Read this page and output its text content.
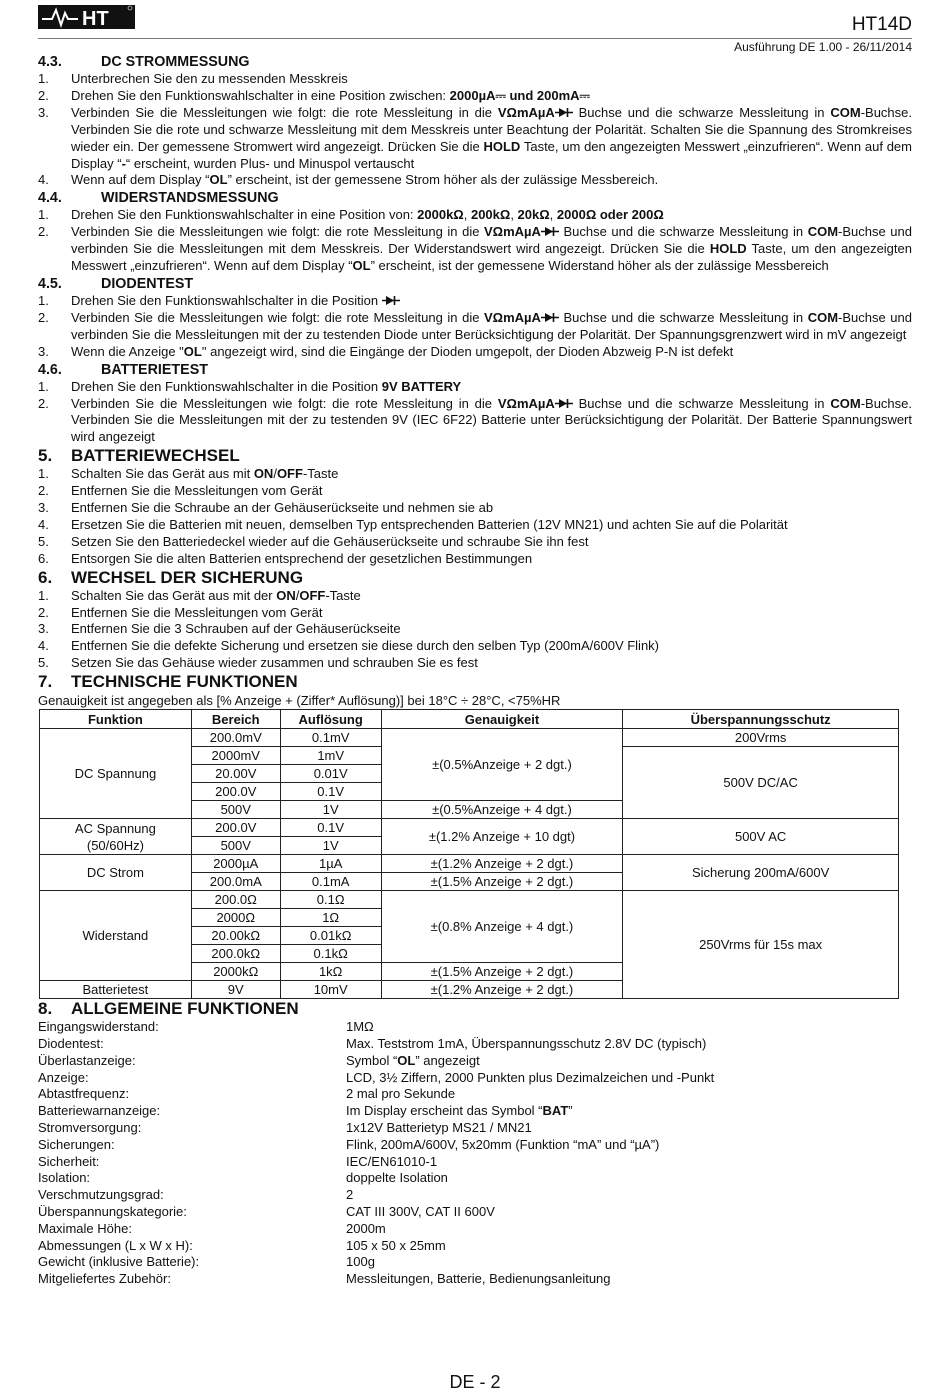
HT	HT14D
Ausführung DE 1.00 - 26/11/2014
4.3.	DC STROMMESSUNG
1.	Unterbrechen Sie den zu messenden Messkreis
2.	Drehen Sie den Funktionswahlschalter in eine Position zwischen: 2000µA⎓ und 200mA⎓
3.	Verbinden Sie die Messleitungen wie folgt: die rote Messleitung in die VΩmAµA Buchse und die schwarze Messleitung in COM-Buchse. Verbinden Sie die rote und schwarze Messleitung mit dem Messkreis unter Beachtung der Polarität. Schalten Sie die Spannung des Stromkreises wieder ein. Der gemessene Stromwert wird angezeigt. Drücken Sie die HOLD Taste, um den angezeigten Messwert „einzufrieren“. Wenn auf dem Display “-“ erscheint, wurden Plus- und Minuspol vertauscht
4.	Wenn auf dem Display “OL” erscheint, ist der gemessene Strom höher als der zulässige Messbereich.
4.4.	WIDERSTANDSMESSUNG
1.	Drehen Sie den Funktionswahlschalter in eine Position von: 2000kΩ, 200kΩ, 20kΩ, 2000Ω oder 200Ω
2.	Verbinden Sie die Messleitungen wie folgt: die rote Messleitung in die VΩmAµA Buchse und die schwarze Messleitung in COM-Buchse und verbinden Sie die Messleitungen mit dem Messkreis. Der Widerstandswert wird angezeigt. Drücken Sie die HOLD Taste, um den angezeigten Messwert „einzufrieren“. Wenn auf dem Display “OL” erscheint, ist der gemessene Widerstand höher als der zulässige Messbereich
4.5.	DIODENTEST
1.	Drehen Sie den Funktionswahlschalter in die Position
2.	Verbinden Sie die Messleitungen wie folgt: die rote Messleitung in die VΩmAµA Buchse und die schwarze Messleitung in COM-Buchse und verbinden Sie die Messleitungen mit der zu testenden Diode unter Berücksichtigung der Polarität. Der Spannungsgrenzwert wird in mV angezeigt
3.	Wenn die Anzeige "OL" angezeigt wird, sind die Eingänge der Dioden umgepolt, der Dioden Abzweig P-N ist defekt
4.6.	BATTERIETEST
1.	Drehen Sie den Funktionswahlschalter in die Position 9V BATTERY
2.	Verbinden Sie die Messleitungen wie folgt: die rote Messleitung in die VΩmAµA Buchse und die schwarze Messleitung in COM-Buchse. Verbinden Sie die Messleitungen mit der zu testenden 9V (IEC 6F22) Batterie unter Berücksichtigung der Polarität. Der Batterie Spannungswert wird angezeigt
5.	BATTERIEWECHSEL
1.	Schalten Sie das Gerät aus mit ON/OFF-Taste
2.	Entfernen Sie die Messleitungen vom Gerät
3.	Entfernen Sie die Schraube an der Gehäuserückseite und nehmen sie ab
4.	Ersetzen Sie die Batterien mit neuen, demselben Typ entsprechenden Batterien (12V MN21) und achten Sie auf die Polarität
5.	Setzen Sie den Batteriedeckel wieder auf die Gehäuserückseite und schraube Sie ihn fest
6.	Entsorgen Sie die alten Batterien entsprechend der gesetzlichen Bestimmungen
6.	WECHSEL DER SICHERUNG
1.	Schalten Sie das Gerät aus mit der ON/OFF-Taste
2.	Entfernen Sie die Messleitungen vom Gerät
3.	Entfernen Sie die 3 Schrauben auf der Gehäuserückseite
4.	Entfernen Sie die defekte Sicherung und ersetzen sie diese durch den selben Typ (200mA/600V Flink)
5.	Setzen Sie das Gehäuse wieder zusammen und schrauben Sie es fest
7.	TECHNISCHE FUNKTIONEN
Genauigkeit ist angegeben als [% Anzeige + (Ziffer* Auflösung)] bei 18°C ÷ 28°C, <75%HR
Funktion	Bereich	Auflösung	Genauigkeit	Überspannungsschutz
DC Spannung	200.0mV	0.1mV	±(0.5%Anzeige + 2 dgt.)	200Vrms
	2000mV	1mV		500V DC/AC
	20.00V	0.01V		
	200.0V	0.1V		
	500V	1V	±(0.5%Anzeige + 4 dgt.)	
AC Spannung
(50/60Hz)	200.0V	0.1V	±(1.2% Anzeige + 10 dgt)	500V AC
	500V	1V		
DC Strom	2000µA	1µA	±(1.2% Anzeige + 2 dgt.)	Sicherung 200mA/600V
	200.0mA	0.1mA	±(1.5% Anzeige + 2 dgt.)	
Widerstand	200.0Ω	0.1Ω	±(0.8% Anzeige + 4 dgt.)	250Vrms für 15s max
	2000Ω	1Ω		
	20.00kΩ	0.01kΩ		
	200.0kΩ	0.1kΩ		
	2000kΩ	1kΩ	±(1.5% Anzeige + 2 dgt.)	
Batterietest	9V	10mV	±(1.2% Anzeige + 2 dgt.)	
8.	ALLGEMEINE FUNKTIONEN
Eingangswiderstand:	1MΩ
Diodentest:	Max. Teststrom 1mA, Überspannungsschutz 2.8V DC (typisch)
Überlastanzeige:	Symbol “OL” angezeigt
Anzeige:	LCD, 3½ Ziffern, 2000 Punkten plus Dezimalzeichen und -Punkt
Abtastfrequenz:	2 mal pro Sekunde
Batteriewarnanzeige:	Im Display erscheint das Symbol “BAT”
Stromversorgung:	1x12V Batterietyp MS21 / MN21
Sicherungen:	Flink, 200mA/600V, 5x20mm (Funktion “mA” und “µA”)
Sicherheit:	IEC/EN61010-1
Isolation:	doppelte Isolation
Verschmutzungsgrad:	2
Überspannungskategorie:	CAT III 300V, CAT II 600V
Maximale Höhe:	2000m
Abmessungen (L x W x H):	105 x 50 x 25mm
Gewicht (inklusive Batterie):	100g
Mitgeliefertes Zubehör:	Messleitungen, Batterie, Bedienungsanleitung
DE - 2
